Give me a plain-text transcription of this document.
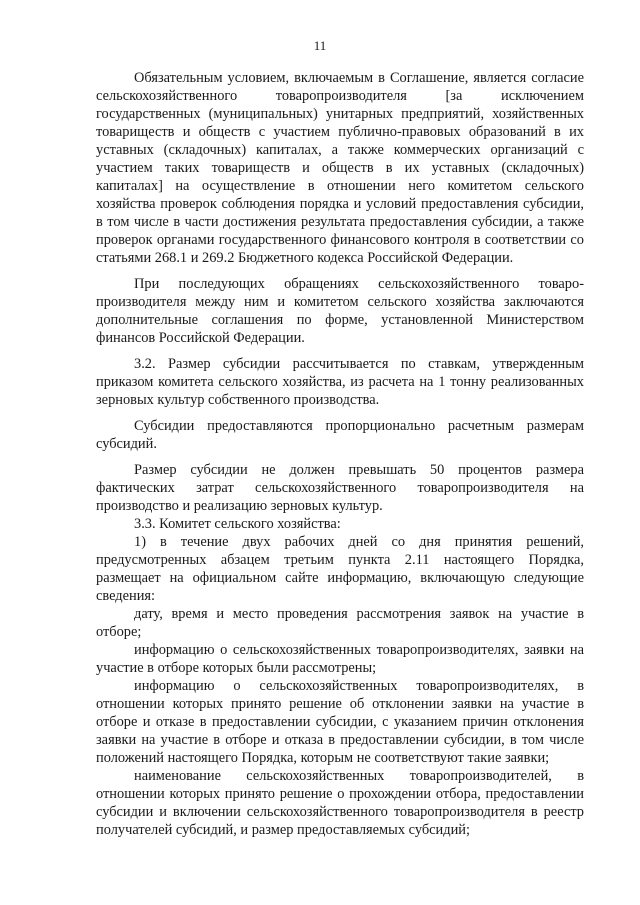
11

Обязательным условием, включаемым в Соглашение, является согласие сельскохозяйственного товаропроизводителя [за исключением государственных (муниципальных) унитарных предприятий, хозяйственных товариществ и обществ с участием публично-правовых образований в их уставных (складочных) капиталах, а также коммерческих организаций с участием таких товариществ и обществ в их уставных (складочных) капиталах] на осуществление в отношении него комитетом сельского хозяйства проверок соблюдения порядка и условий предоставления субсидии, в том числе в части достижения результата предоставления субсидии, а также проверок органами государственного финансового контроля в соответствии со статьями 268.1 и 269.2 Бюджетного кодекса Российской Федерации.

При последующих обращениях сельскохозяйственного товаропроизводителя между ним и комитетом сельского хозяйства заключаются дополнительные соглашения по форме, установленной Министерством финансов Российской Федерации.

3.2. Размер субсидии рассчитывается по ставкам, утвержденным приказом комитета сельского хозяйства, из расчета на 1 тонну реализованных зерновых культур собственного производства.

Субсидии предоставляются пропорционально расчетным размерам субсидий.

Размер субсидии не должен превышать 50 процентов размера фактических затрат сельскохозяйственного товаропроизводителя на производство и реализацию зерновых культур.

3.3. Комитет сельского хозяйства:

1) в течение двух рабочих дней со дня принятия решений, предусмотренных абзацем третьим пункта 2.11 настоящего Порядка, размещает на официальном сайте информацию, включающую следующие сведения:

дату, время и место проведения рассмотрения заявок на участие в отборе;

информацию о сельскохозяйственных товаропроизводителях, заявки на участие в отборе которых были рассмотрены;

информацию о сельскохозяйственных товаропроизводителях, в отношении которых принято решение об отклонении заявки на участие в отборе и отказе в предоставлении субсидии, с указанием причин отклонения заявки на участие в отборе и отказа в предоставлении субсидии, в том числе положений настоящего Порядка, которым не соответствуют такие заявки;

наименование сельскохозяйственных товаропроизводителей, в отношении которых принято решение о прохождении отбора, предоставлении субсидии и включении сельскохозяйственного товаропроизводителя в реестр получателей субсидий, и размер предоставляемых субсидий;
